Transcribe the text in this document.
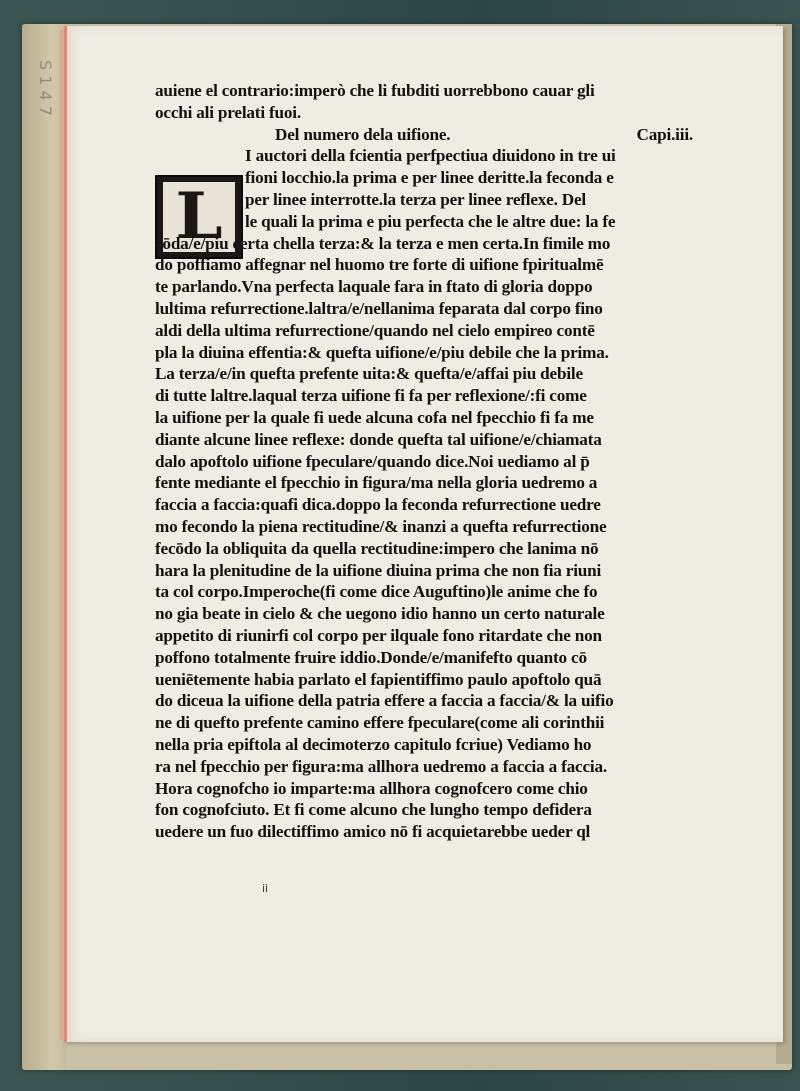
S 1 4 7
L
auiene el contrario:imperò che li fubditi uorrebbono cauar gli
occhi ali prelati fuoi.
Del numero dela uifione.	Capi.iii.
I auctori della fcientia perfpectiua diuidono in tre ui
fioni locchio.la prima e per linee deritte.la feconda e
per linee interrotte.la terza per linee reflexe. Del
le quali la prima e piu perfecta che le altre due: la fe
cōda/e/piu certa chella terza:& la terza e men certa.In fimile mo
do poffiamo affegnar nel huomo tre forte di uifione fpiritualmē
te parlando.Vna perfecta laquale fara in ftato di gloria doppo
lultima refurrectione.laltra/e/nellanima feparata dal corpo fino
aldi della ultima refurrectione/quando nel cielo empireo contē
pla la diuina effentia:& quefta uifione/e/piu debile che la prima.
La terza/e/in quefta prefente uita:& quefta/e/affai piu debile
di tutte laltre.laqual terza uifione fi fa per reflexione/:fi come
la uifione per la quale fi uede alcuna cofa nel fpecchio fi fa me
diante alcune linee reflexe: donde quefta tal uifione/e/chiamata
dalo apoftolo uifione fpeculare/quando dice.Noi uediamo al p̄
fente mediante el fpecchio in figura/ma nella gloria uedremo a
faccia a faccia:quafi dica.doppo la feconda refurrectione uedre
mo fecondo la piena rectitudine/& inanzi a quefta refurrectione
fecōdo la obliquita da quella rectitudine:impero che lanima nō
hara la plenitudine de la uifione diuina prima che non fia riuni
ta col corpo.Imperoche(fi come dice Auguftino)le anime che fo
no gia beate in cielo & che uegono idio hanno un certo naturale
appetito di riunirfi col corpo per ilquale fono ritardate che non
poffono totalmente fruire iddio.Donde/e/manifefto quanto cō
ueniētemente habia parlato el fapientiffimo paulo apoftolo quā
do diceua la uifione della patria effere a faccia a faccia/& la uifio
ne di quefto prefente camino effere fpeculare(come ali corinthii
nella pria epiftola al decimoterzo capitulo fcriue) Vediamo ho
ra nel fpecchio per figura:ma allhora uedremo a faccia a faccia.
Hora cognofcho io imparte:ma allhora cognofcero come chio
fon cognofciuto. Et fi come alcuno che lungho tempo defidera
uedere un fuo dilectiffimo amico nō fi acquietarebbe ueder ql
ii
